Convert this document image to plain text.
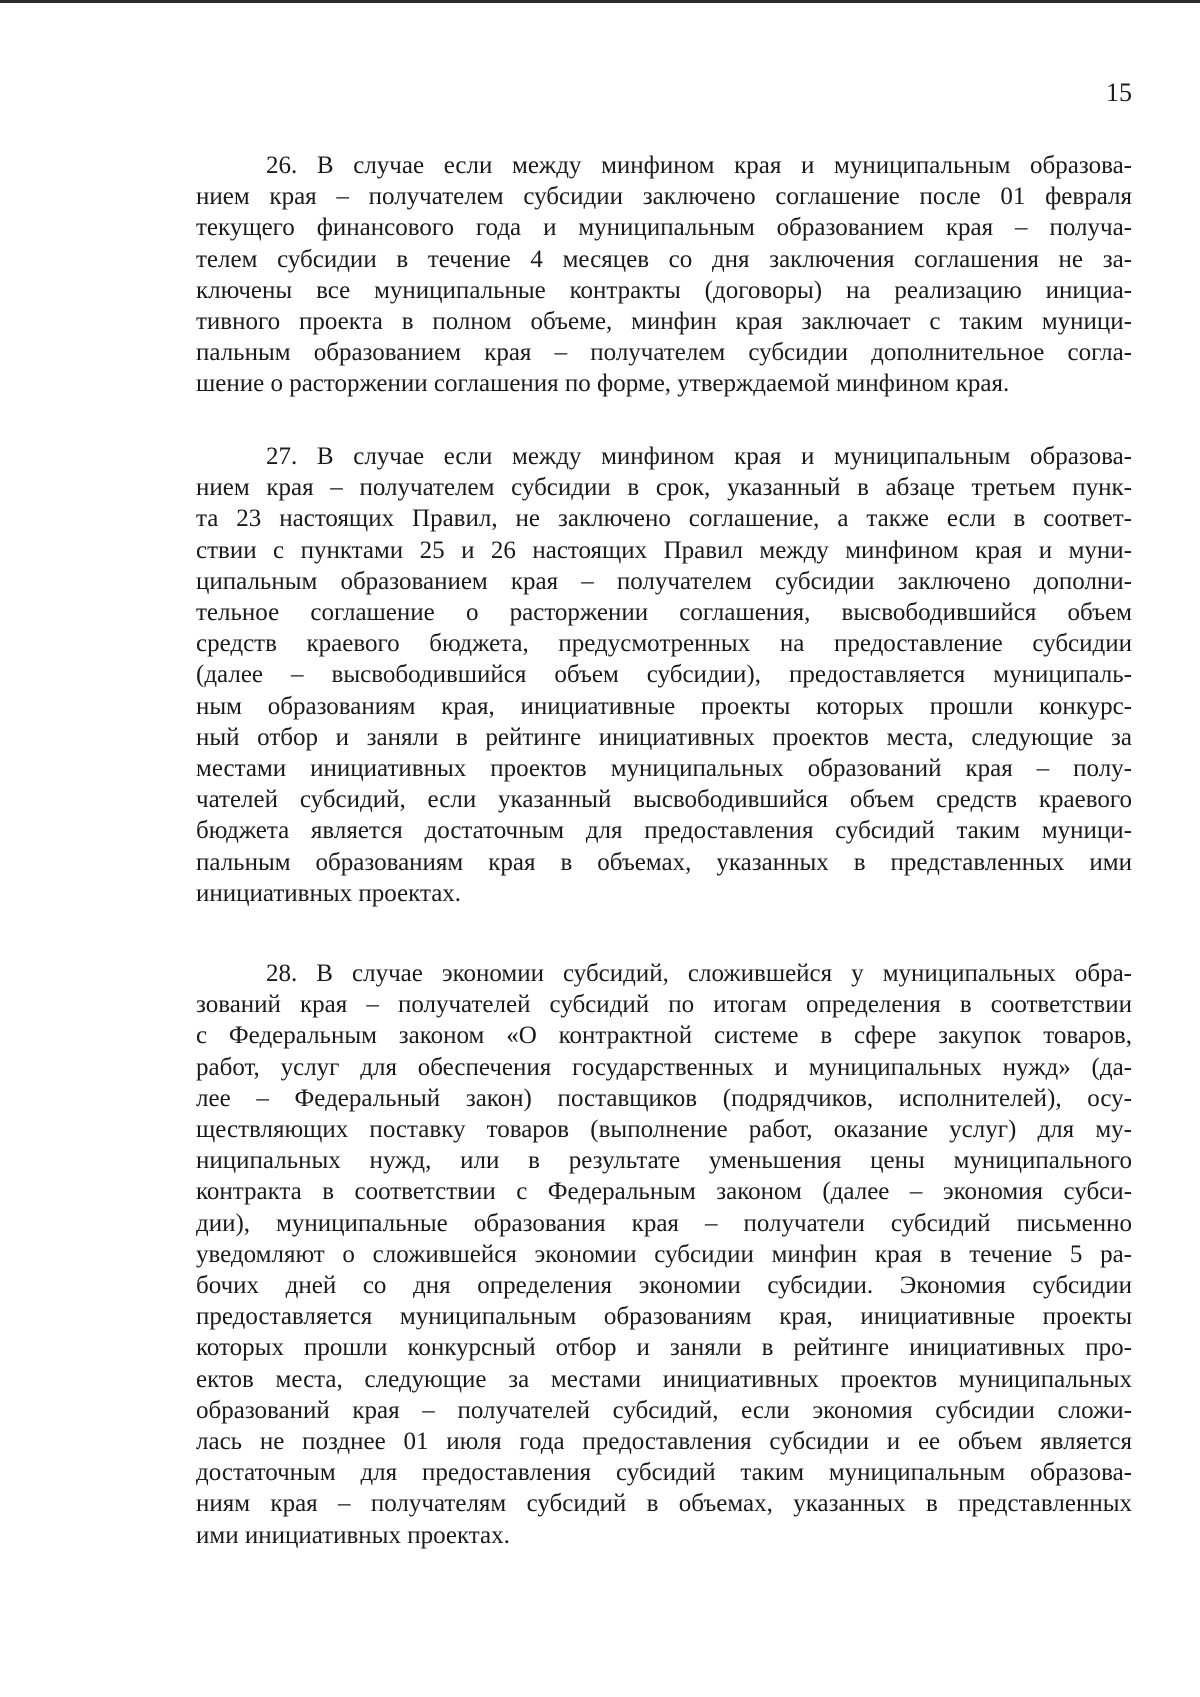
15
26. В случае если между минфином края и муниципальным образова-
нием края – получателем субсидии заключено соглашение после 01 февраля
текущего финансового года и муниципальным образованием края – получа-
телем субсидии в течение 4 месяцев со дня заключения соглашения не за-
ключены все муниципальные контракты (договоры) на реализацию инициа-
тивного проекта в полном объеме, минфин края заключает с таким муници-
пальным образованием края – получателем субсидии дополнительное согла-
шение о расторжении соглашения по форме, утверждаемой минфином края.
27. В случае если между минфином края и муниципальным образова-
нием края – получателем субсидии в срок, указанный в абзаце третьем пунк-
та 23 настоящих Правил, не заключено соглашение, а также если в соответ-
ствии с пунктами 25 и 26 настоящих Правил между минфином края и муни-
ципальным образованием края – получателем субсидии заключено дополни-
тельное соглашение о расторжении соглашения, высвободившийся объем
средств краевого бюджета, предусмотренных на предоставление субсидии
(далее – высвободившийся объем субсидии), предоставляется муниципаль-
ным образованиям края, инициативные проекты которых прошли конкурс-
ный отбор и заняли в рейтинге инициативных проектов места, следующие за
местами инициативных проектов муниципальных образований края – полу-
чателей субсидий, если указанный высвободившийся объем средств краевого
бюджета является достаточным для предоставления субсидий таким муници-
пальным образованиям края в объемах, указанных в представленных ими
инициативных проектах.
28. В случае экономии субсидий, сложившейся у муниципальных обра-
зований края – получателей субсидий по итогам определения в соответствии
с Федеральным законом «О контрактной системе в сфере закупок товаров,
работ, услуг для обеспечения государственных и муниципальных нужд» (да-
лее – Федеральный закон) поставщиков (подрядчиков, исполнителей), осу-
ществляющих поставку товаров (выполнение работ, оказание услуг) для му-
ниципальных нужд, или в результате уменьшения цены муниципального
контракта в соответствии с Федеральным законом (далее – экономия субси-
дии), муниципальные образования края – получатели субсидий письменно
уведомляют о сложившейся экономии субсидии минфин края в течение 5 ра-
бочих дней со дня определения экономии субсидии. Экономия субсидии
предоставляется муниципальным образованиям края, инициативные проекты
которых прошли конкурсный отбор и заняли в рейтинге инициативных про-
ектов места, следующие за местами инициативных проектов муниципальных
образований края – получателей субсидий, если экономия субсидии сложи-
лась не позднее 01 июля года предоставления субсидии и ее объем является
достаточным для предоставления субсидий таким муниципальным образова-
ниям края – получателям субсидий в объемах, указанных в представленных
ими инициативных проектах.
